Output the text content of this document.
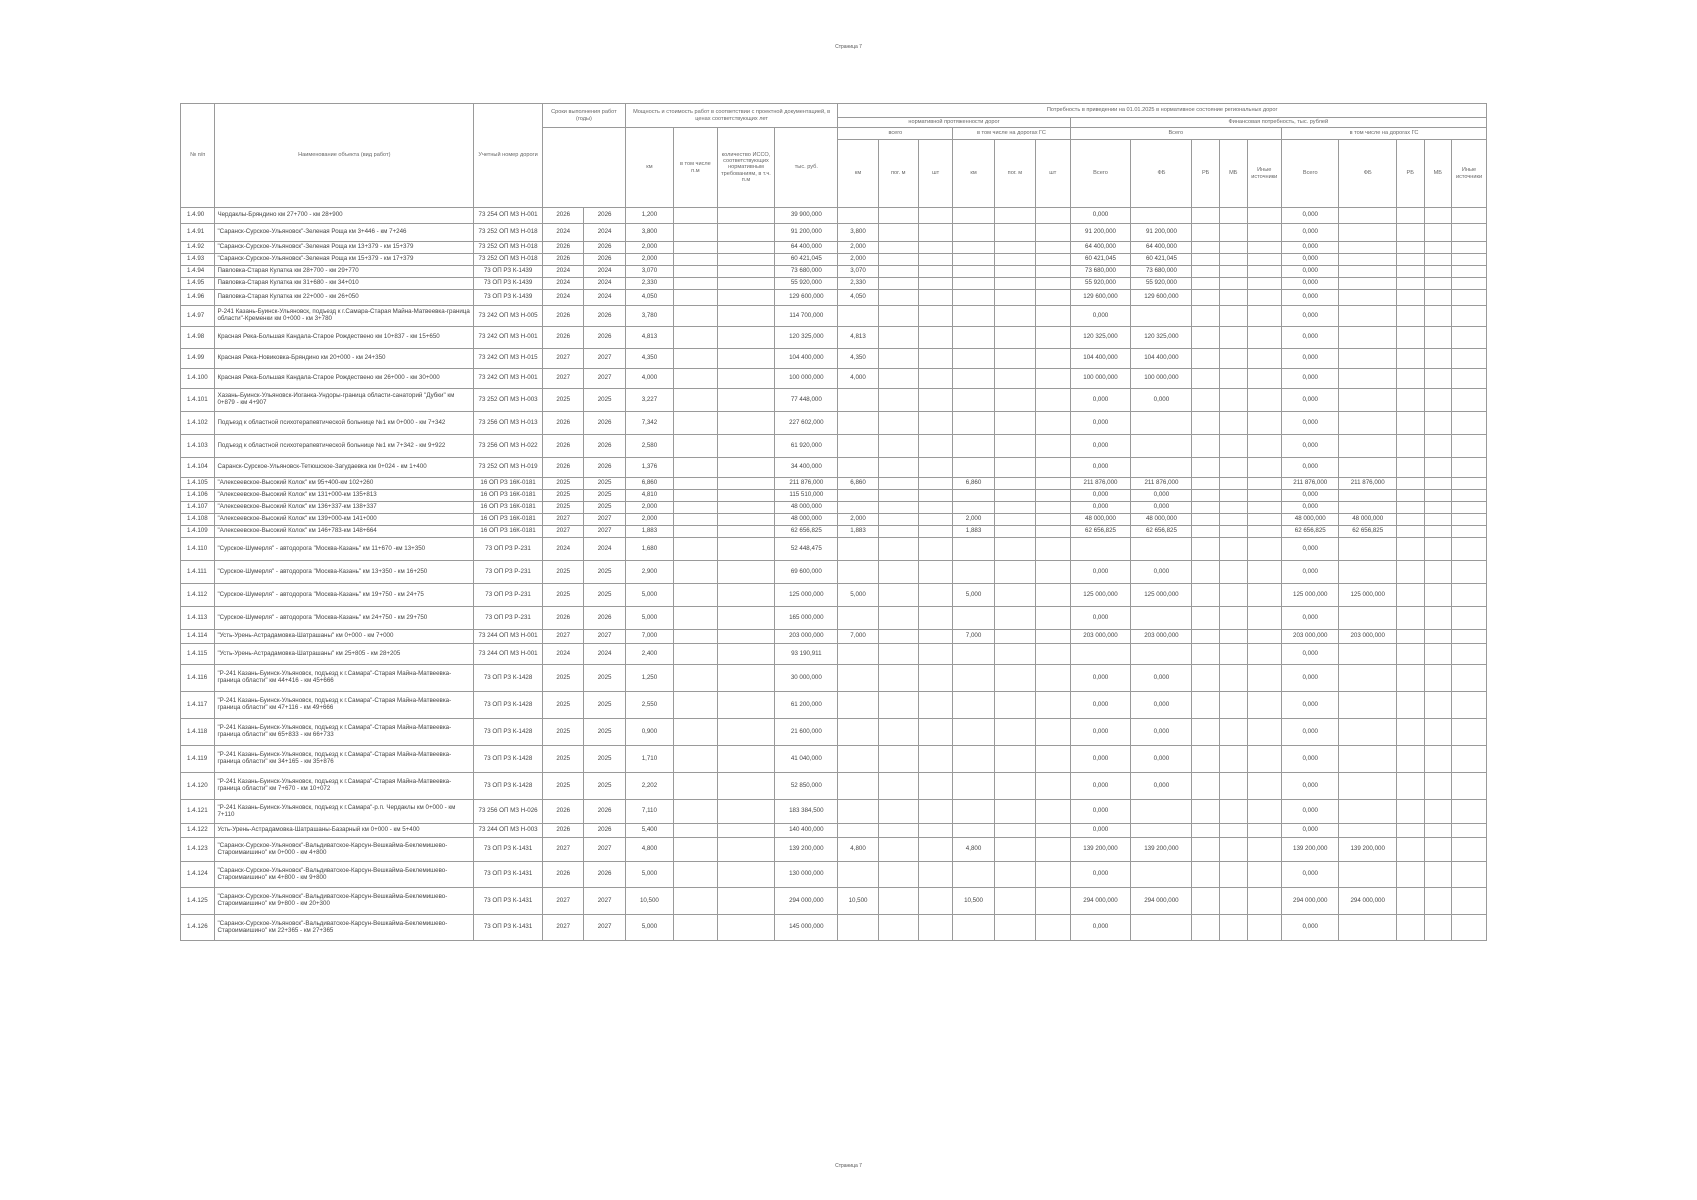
Страница 7
№ п/п	Наименование объекта (вид работ)	Учетный номер дороги	Сроки выполнения работ (годы)		Мощность и стоимость работ в соответствии с проектной документацией, в ценах соответствующих лет				Потребность в приведении на 01.01.2025 в нормативное состояние региональных дорог															
									нормативной протяженности дорог						Финансовая потребность, тыс. рублей									
					км	в том числе п.м	количество ИССО, соответствующих нормативным требованиям, в т.ч. п.м	тыс. руб.	всего			в том числе на дорогах ГС			Всего					в том числе на дорогах ГС				
									км	пог. м	шт	км	пог. м	шт	Всего	ФБ	РБ	МБ	Иные источники	Всего	ФБ	РБ	МБ	Иные источники
1.4.90	Чердаклы-Бряндино км 27+700 - км 28+900	73 254 ОП МЗ Н-001	2026	2026	1,200			39 900,000							0,000					0,000				
1.4.91	"Саранск-Сурское-Ульяновск"-Зеленая Роща км 3+446 - км 7+246	73 252 ОП МЗ Н-018	2024	2024	3,800			91 200,000	3,800						91 200,000	91 200,000				0,000				
1.4.92	"Саранск-Сурское-Ульяновск"-Зеленая Роща км 13+379 - км 15+379	73 252 ОП МЗ Н-018	2026	2026	2,000			64 400,000	2,000						64 400,000	64 400,000				0,000				
1.4.93	"Саранск-Сурское-Ульяновск"-Зеленая Роща км 15+379 - км 17+379	73 252 ОП МЗ Н-018	2026	2026	2,000			60 421,045	2,000						60 421,045	60 421,045				0,000				
1.4.94	Павловка-Старая Кулатка км 28+700 - км 29+770	73 ОП РЗ К-1439	2024	2024	3,070			73 680,000	3,070						73 680,000	73 680,000				0,000				
1.4.95	Павловка-Старая Кулатка км 31+680 - км 34+010	73 ОП РЗ К-1439	2024	2024	2,330			55 920,000	2,330						55 920,000	55 920,000				0,000				
1.4.96	Павловка-Старая Кулатка км 22+000 - км 26+050	73 ОП РЗ К-1439	2024	2024	4,050			129 600,000	4,050						129 600,000	129 600,000				0,000				
1.4.97	Р-241 Казань-Буинск-Ульяновск, подъезд к г.Самара-Старая Майна-Матвеевка-граница области"-Кременки км 0+000 - км 3+780	73 242 ОП МЗ Н-005	2026	2026	3,780			114 700,000							0,000					0,000				
1.4.98	Красная Река-Большая Кандала-Старое Рождествено км 10+837 - км 15+650	73 242 ОП МЗ Н-001	2026	2026	4,813			120 325,000	4,813						120 325,000	120 325,000				0,000				
1.4.99	Красная Река-Новиковка-Бряндино км 20+000 - км 24+350	73 242 ОП МЗ Н-015	2027	2027	4,350			104 400,000	4,350						104 400,000	104 400,000				0,000				
1.4.100	Красная Река-Большая Кандала-Старое Рождествено км 26+000 - км 30+000	73 242 ОП МЗ Н-001	2027	2027	4,000			100 000,000	4,000						100 000,000	100 000,000				0,000				
1.4.101	Хазань-Буинск-Ульяновск-Иоганка-Ундоры-граница области-санаторий "Дубки" км 0+879 - км 4+907	73 252 ОП МЗ Н-003	2025	2025	3,227			77 448,000							0,000	0,000				0,000				
1.4.102	Подъезд к областной психотерапевтической больнице №1 км 0+000 - км 7+342	73 256 ОП МЗ Н-013	2026	2026	7,342			227 602,000							0,000					0,000				
1.4.103	Подъезд к областной психотерапевтической больнице №1 км 7+342 - км 9+922	73 256 ОП МЗ Н-022	2026	2026	2,580			61 920,000							0,000					0,000				
1.4.104	Саранск-Сурское-Ульяновск-Тетюшское-Загудаевка км 0+024 - км 1+400	73 252 ОП МЗ Н-019	2026	2026	1,376			34 400,000							0,000					0,000				
1.4.105	"Алексеевское-Высокий Колок" км 95+400-км 102+260	16 ОП РЗ 16К-0181	2025	2025	6,860			211 876,000	6,860			6,860			211 876,000	211 876,000				211 876,000	211 876,000			
1.4.106	"Алексеевское-Высокий Колок" км 131+000-км 135+813	16 ОП РЗ 16К-0181	2025	2025	4,810			115 510,000							0,000	0,000				0,000				
1.4.107	"Алексеевское-Высокий Колок" км 136+337-км 138+337	16 ОП РЗ 16К-0181	2025	2025	2,000			48 000,000							0,000	0,000				0,000				
1.4.108	"Алексеевское-Высокий Колок" км 139+000-км 141+000	16 ОП РЗ 16К-0181	2027	2027	2,000			48 000,000	2,000			2,000			48 000,000	48 000,000				48 000,000	48 000,000			
1.4.109	"Алексеевское-Высокий Колок" км 146+783-км 148+664	16 ОП РЗ 16К-0181	2027	2027	1,883			62 656,825	1,883			1,883			62 656,825	62 656,825				62 656,825	62 656,825			
1.4.110	"Сурское-Шумерля" - автодорога "Москва-Казань" км 11+670 -км 13+350	73 ОП РЗ Р-231	2024	2024	1,680			52 448,475												0,000				
1.4.111	"Сурское-Шумерля" - автодорога "Москва-Казань" км 13+350 - км 16+250	73 ОП РЗ Р-231	2025	2025	2,900			69 600,000							0,000	0,000				0,000				
1.4.112	"Сурское-Шумерля" - автодорога "Москва-Казань" км 19+750 - км 24+75	73 ОП РЗ Р-231	2025	2025	5,000			125 000,000	5,000			5,000			125 000,000	125 000,000				125 000,000	125 000,000			
1.4.113	"Сурское-Шумерля" - автодорога "Москва-Казань" км 24+750 - км 29+750	73 ОП РЗ Р-231	2026	2026	5,000			165 000,000							0,000					0,000				
1.4.114	"Усть-Урень-Астрадамовка-Шатрашаны" км 0+000 - км 7+000	73 244 ОП МЗ Н-001	2027	2027	7,000			203 000,000	7,000			7,000			203 000,000	203 000,000				203 000,000	203 000,000			
1.4.115	"Усть-Урень-Астрадамовка-Шатрашаны" км 25+805 - км 28+205	73 244 ОП МЗ Н-001	2024	2024	2,400			93 190,911												0,000				
1.4.116	"Р-241 Казань-Буинск-Ульяновск, подъезд к г.Самара"-Старая Майна-Матвеевка-граница области" км 44+416 - км 45+666	73 ОП РЗ К-1428	2025	2025	1,250			30 000,000							0,000	0,000				0,000				
1.4.117	"Р-241 Казань-Буинск-Ульяновск, подъезд к г.Самара"-Старая Майна-Матвеевка-граница области" км 47+116 - км 49+666	73 ОП РЗ К-1428	2025	2025	2,550			61 200,000							0,000	0,000				0,000				
1.4.118	"Р-241 Казань-Буинск-Ульяновск, подъезд к г.Самара"-Старая Майна-Матвеевка-граница области" км 65+833 - км 66+733	73 ОП РЗ К-1428	2025	2025	0,900			21 600,000							0,000	0,000				0,000				
1.4.119	"Р-241 Казань-Буинск-Ульяновск, подъезд к г.Самара"-Старая Майна-Матвеевка-граница области" км 34+165 - км 35+876	73 ОП РЗ К-1428	2025	2025	1,710			41 040,000							0,000	0,000				0,000				
1.4.120	"Р-241 Казань-Буинск-Ульяновск, подъезд к г.Самара"-Старая Майна-Матвеевка-граница области" км 7+670 - км 10+072	73 ОП РЗ К-1428	2025	2025	2,202			52 850,000							0,000	0,000				0,000				
1.4.121	"Р-241 Казань-Буинск-Ульяновск, подъезд к г.Самара"-р.п. Чердаклы км 0+000 - км 7+110	73 256 ОП МЗ Н-026	2026	2026	7,110			183 384,500							0,000					0,000				
1.4.122	Усть-Урень-Астрадамовка-Шатрашаны-Базарный км 0+000 - км 5+400	73 244 ОП МЗ Н-003	2026	2026	5,400			140 400,000							0,000					0,000				
1.4.123	"Саранск-Сурское-Ульяновск"-Вальдиватское-Карсун-Вешкайма-Беклемишево-Староимаишино" км 0+000 - км 4+800	73 ОП РЗ К-1431	2027	2027	4,800			139 200,000	4,800			4,800			139 200,000	139 200,000				139 200,000	139 200,000			
1.4.124	"Саранск-Сурское-Ульяновск"-Вальдиватское-Карсун-Вешкайма-Беклемишево-Староимаишино" км 4+800 - км 9+800	73 ОП РЗ К-1431	2026	2026	5,000			130 000,000							0,000					0,000				
1.4.125	"Саранск-Сурское-Ульяновск"-Вальдиватское-Карсун-Вешкайма-Беклемишево-Староимаишино" км 9+800 - км 20+300	73 ОП РЗ К-1431	2027	2027	10,500			294 000,000	10,500			10,500			294 000,000	294 000,000				294 000,000	294 000,000			
1.4.126	"Саранск-Сурское-Ульяновск"-Вальдиватское-Карсун-Вешкайма-Беклемишево-Староимаишино" км 22+365 - км 27+365	73 ОП РЗ К-1431	2027	2027	5,000			145 000,000							0,000					0,000				
Страница 7
